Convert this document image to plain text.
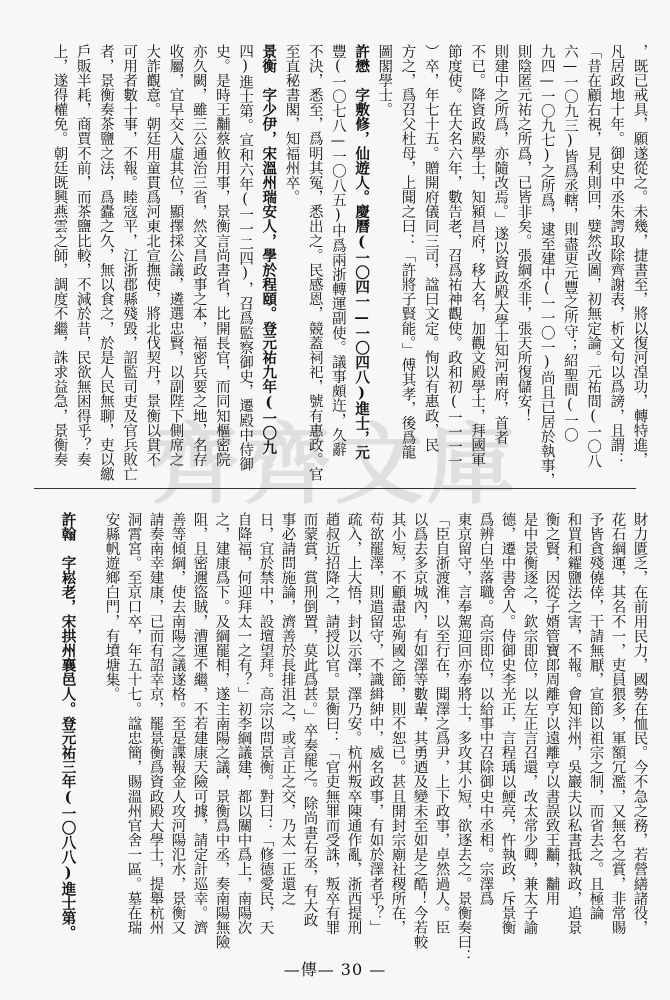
，既已戒具，願遂從之。未幾，捷書至，將以復河湟功，轉特進，
凡居政地十年。御史中丞朱諤取除齊謝表，析文句以爲謗，且謂：
「昔在顧右視，見利則回，嬖然改圖，初無定論。元祐間(一〇八
六—一〇九三)皆爲丞轄，則盡更元豐之所守；紹聖間(一〇
九四—一〇九七)之所爲，逮至建中(一一〇一)尚且已居於執事，
則陰匿元祐之所爲，已皆非矣。張綱丞非，張天所復儲安！
則建中之所爲，亦隨改焉。」遂以資政殿大學士知河南府，首者
不已。降資政殿學士，知潁昌府，移大名，加觀文殿學士，拜國軍
節度使。在大名六年，數告老，召爲祐神觀使。政和初(一一一一
）卒，年七十五。贈開府儀同三司，諡曰文定。恂以有惠政，民
方之，爲召父杜母，上聞之曰：「許將子賢能。」傅其孝，後爲龍
圖閣學士。
許懋　字敷修，仙遊人。慶曆(一〇四一—一〇四八)進士，元
豐(一〇七八—一〇八五)中爲兩浙轉運副使。議事頗迕，久辭
不決，悉至，爲明其冤，悉出之。民感恩，競蓋祠祀，號有惠政。官
至直秘書閣，知福州卒。
景衡　字少伊，宋溫州瑞安人，學於程頤。登元祐九年(一〇九
四)進士第。宣和六年(一一二四)，召爲監察御史，遷殿中侍御
史。是時王黼蔡攸用事，景衡言尚書省，比開長官，而同知樞密院
亦久闕，雖三公通治三省，然文昌政事之本，福密兵要之地，名存
收屬，宜早交入虛其位，顯擇採公議，遴選忠賢，以副陛下側席之
大詐觀意。朝廷用童貫爲河東北宣撫使，將北伐契丹，景衡以貫不
可用者數十事，不報。睦寇平，江浙郡縣殘毀，詔監司吏及官兵敗亡
者，景衡奏茶鹽之法，爲蠹之久，無以食之，於是人民無聊，吏以繳
戶販半耗，商賈不前，而茶鹽比較，不減於昔，民欲無困得乎？奏
上，遂得權免。朝廷既興燕雲之師，調度不繼，誅求益急，景衡奏
財力匱乏，在前用民力，國勢在恤民。今不急之務，若營繕諸役，
花石綱運，其名不一，吏員猥多，軍額冗濫，又無名之賞，非常賜
予皆貪殘僥倖，干請無厭，宣節以祖宗之制，而省去之。且極論
和買和糴鹽法之害，不報。會知泮州，吳巖夫以私書抵執政，追景
衡之賢，因從子婿管寶郎周離亨以遠離亨以書誤致王黼，黼用
是中景衡逐之，欽宗即位，以左正言召還，改太常少卿，兼太子諭
德，遷中書舍人。侍御史李光正，言程瑀以鯁亮，忤執政，斥景衡
爲辨白坐落職。高宗即位，以給事中召除御史中丞相。宗澤爲
東京留守，言奉駕迎回亦奉將士，多攻其小短，欲逐去之。景衡奏曰：
「臣自浙渡淮，以至行在，聞澤之爲尹，上下政事，卓然過人。臣
以爲去多京城內，有如澤等數輩，其勇迺及變未至如是之酷！今若較
其小短，不顧盡忠殉國之節，則不恕已。甚且開封宗廟社稷所在，
苟欲罷澤，則遣留守，不識緝紳中，威名政事，有如於澤者乎？」
疏入，上大悟，封以示澤，澤乃安。杭州叛卒陳通作亂，浙西提刑
趙叔近招降之，請授以官。景衡曰：「官吏無罪而受誅，叛卒有罪
而蒙賞，賞刑倒置，莫此爲甚。」卒奏罷之。除尚書右丞，有大政
事必請問施論，濟善於長排沮之，或言正之交，乃太一正還之
日，宜於禁中，設壇望拜。高宗以問景衡。對曰：「修德愛民，天
自降福，何迎拜太一之有？」初李綱議建，都以關中爲上，南陽次
之，建康爲下。及綱罷相，遂主南陽之議，景衡爲中丞，奏南陽無險
阻，且密邇盜賊，漕運不繼，不若建康天險可據，請定計巡幸。濟
善等傾綱，使去南陽之議遂格。至是諜報金人攻河陽氾水，景衡又
請奏南幸建康，已而有詔幸京，罷景衡爲資政殿大學士，提舉杭州
洞霄宮。至京口卒，年五十七。諡忠簡，賜溫州官舍一區。墓在瑞
安縣帆遊鄉白門，有墳塘集。
許翰　字崧老，宋拱州襄邑人。登元祐三年(一〇八八)進士第。
齊齊文庫
—傳— 30 —
